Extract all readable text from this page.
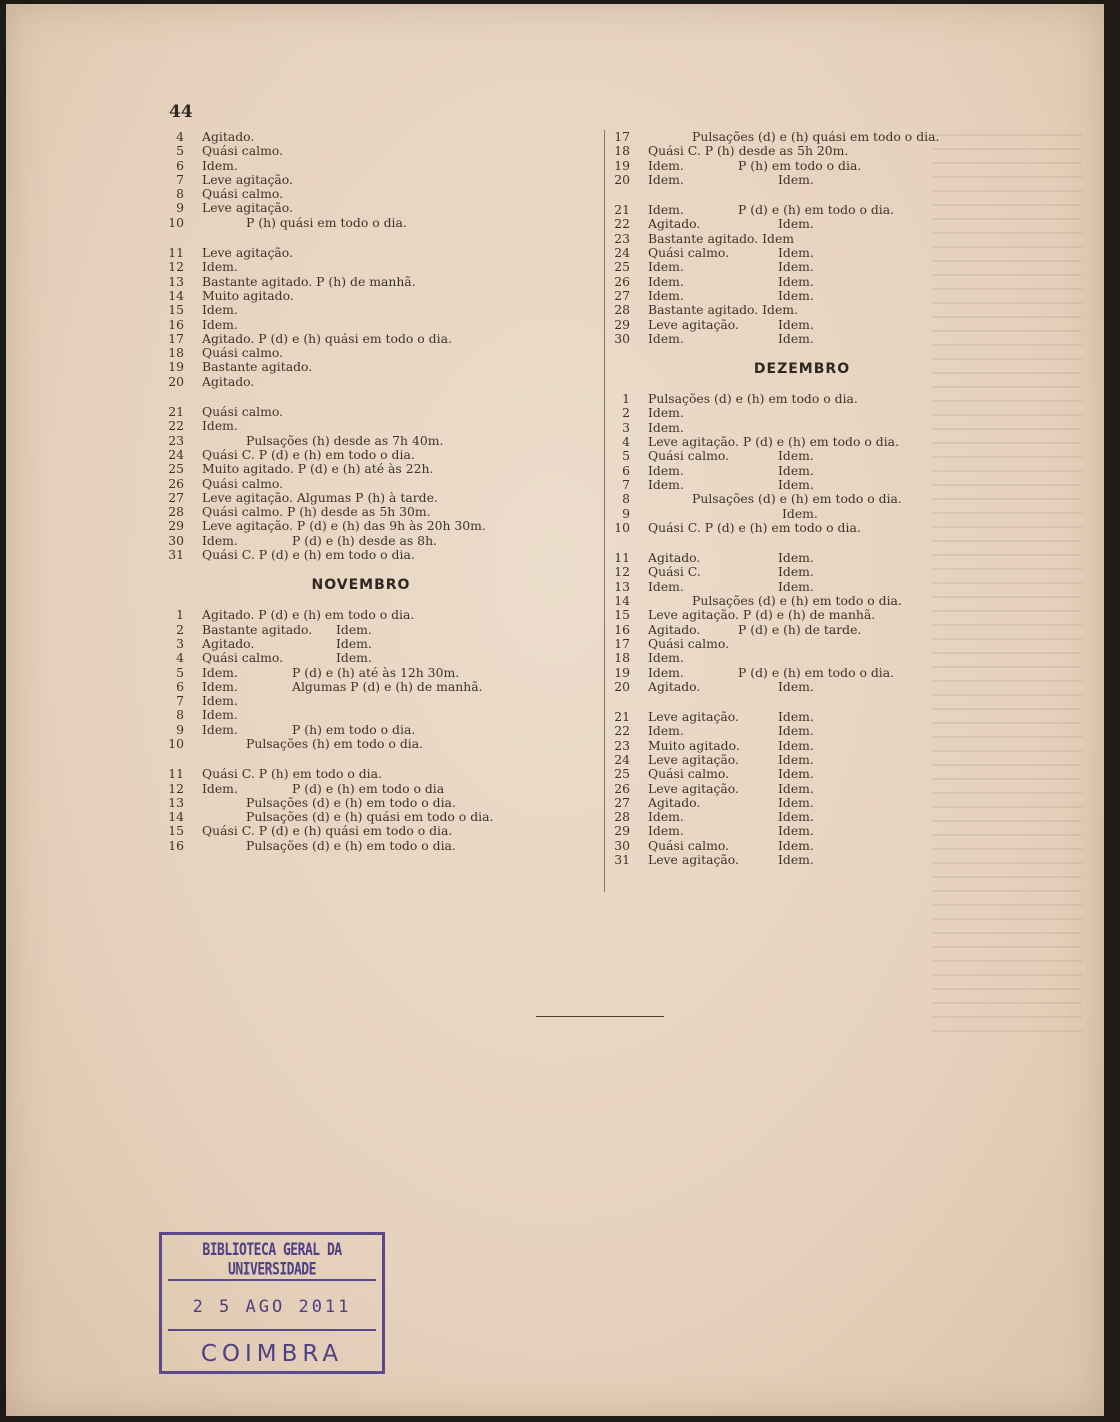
44
4 Agitado.
5 Quási calmo.
6 Idem.
7 Leve agitação.
8 Quási calmo.
9 Leve agitação.
10	P (h) quási em todo o dia.
11 Leve agitação.
12 Idem.
13 Bastante agitado. P (h) de manhã.
14 Muito agitado.
15 Idem.
16 Idem.
17 Agitado. P (d) e (h) quási em todo o dia.
18 Quási calmo.
19 Bastante agitado.
20 Agitado.
21 Quási calmo.
22 Idem.
23	Pulsações (h) desde as 7h 40m.
24 Quási C. P (d) e (h) em todo o dia.
25 Muito agitado. P (d) e (h) até às 22h.
26 Quási calmo.
27 Leve agitação. Algumas P (h) à tarde.
28 Quási calmo. P (h) desde as 5h 30m.
29 Leve agitação. P (d) e (h) das 9h às 20h 30m.
30 Idem.	P (d) e (h) desde as 8h.
31 Quási C. P (d) e (h) em todo o dia.
NOVEMBRO
1 Agitado. P (d) e (h) em todo o dia.
2 Bastante agitado. Idem.
3 Agitado.	Idem.
4 Quási calmo.	Idem.
5 Idem.	P (d) e (h) até às 12h 30m.
6 Idem.	Algumas P (d) e (h) de manhã.
7 Idem.
8 Idem.
9 Idem.	P (h) em todo o dia.
10	Pulsações (h) em todo o dia.
11 Quási C. P (h) em todo o dia.
12 Idem.	P (d) e (h) em todo o dia
13	Pulsações (d) e (h) em todo o dia.
14	Pulsações (d) e (h) quási em todo o dia.
15 Quási C. P (d) e (h) quási em todo o dia.
16	Pulsações (d) e (h) em todo o dia.
17	Pulsações (d) e (h) quási em todo o dia.
18 Quási C. P (h) desde as 5h 20m.
19 Idem.	P (h) em todo o dia.
20 Idem.	Idem.
21 Idem.	P (d) e (h) em todo o dia.
22 Agitado.	Idem.
23 Bastante agitado. Idem
24 Quási calmo.	Idem.
25 Idem.	Idem.
26 Idem.	Idem.
27 Idem.	Idem.
28 Bastante agitado. Idem.
29 Leve agitação.	Idem.
30 Idem.	Idem.
DEZEMBRO
1 Pulsações (d) e (h) em todo o dia.
2 Idem.
3 Idem.
4 Leve agitação. P (d) e (h) em todo o dia.
5 Quási calmo.	Idem.
6 Idem.	Idem.
7 Idem.	Idem.
8	Pulsações (d) e (h) em todo o dia.
9	Idem.
10 Quási C. P (d) e (h) em todo o dia.
11 Agitado.	Idem.
12 Quási C.	Idem.
13 Idem.	Idem.
14	Pulsações (d) e (h) em todo o dia.
15 Leve agitação. P (d) e (h) de manhã.
16 Agitado.	P (d) e (h) de tarde.
17 Quási calmo.
18 Idem.
19 Idem.	P (d) e (h) em todo o dia.
20 Agitado.	Idem.
21 Leve agitação.	Idem.
22 Idem.	Idem.
23 Muito agitado.	Idem.
24 Leve agitação.	Idem.
25 Quási calmo.	Idem.
26 Leve agitação.	Idem.
27 Agitado.	Idem.
28 Idem.	Idem.
29 Idem.	Idem.
30 Quási calmo.	Idem.
31 Leve agitação.	Idem.
BIBLIOTECA GERAL DA UNIVERSIDADE
2 5 AGO 2011
COIMBRA
